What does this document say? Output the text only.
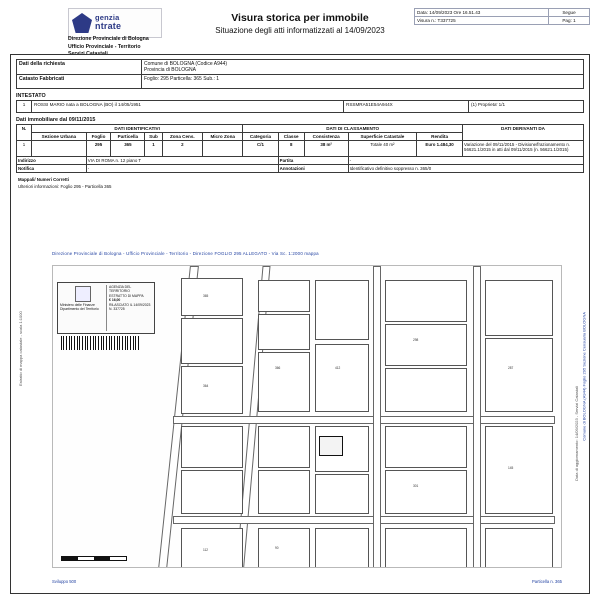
genzia
ntrate
Visura storica per immobile
Situazione degli atti informatizzati al 14/09/2023
Data: 14/09/2023 Ore 16.51.43	Segue
Visura n.: T337725	Pag: 1
Direzione Provinciale di Bologna
Ufficio Provinciale - Territorio
Servizi Catastali
Dati della richiesta	Comune di BOLOGNA (Codice A944)
Provincia di BOLOGNA
Catasto Fabbricati	Foglio: 295 Particella: 365 Sub.: 1
INTESTATO
1	ROSSI MARIO nata a BOLOGNA (BO) il 14/05/1951	RSSMRA51E54A944X	(1) Proprieta' 1/1
Dati immobiliare dal 09/11/2015
N.	DATI IDENTIFICATIVI						DATI DI CLASSAMENTO					DATI DERIVANTI DA
	Sezione Urbana	Foglio	Particella	Sub	Zona Cens.	Micro Zona	Categoria	Classe	Consistenza	Superficie Catastale	Rendita	
1		295	365	1	2		C/1	8	38 m²	Totale 40 m²	Euro 1.484,30	Variazione del 09/11/2015 - Divisione/frazionamento n. 56621.1/2015 in atti dal 09/11/2015 (n. 56621.1/2015)
Indirizzo		VIA DI ROMA n. 12 piano T						Partita		-		
Notifica		-						Annotazioni		Identificativo definitivo soppresso n. 365/0		
Mappali/ Numeri Corretti
Ulteriori informazioni: Foglio 295 - Particella 365
Direzione Provinciale di Bologna - Ufficio Provinciale - Territorio - Direzione FOGLIO 295 ALLEGATO - Via Sc. 1:2000 mappa
Estratto di mappa catastale - scala 1:1000	Comune di BOLOGNA (A944) Foglio 295 Sezione Censuaria BOLOGNA
Data di aggiornamento: 14/09/2023 - Servizi Catastali
Ministero delle Finanze
Dipartimento del Territorio
AGENZIA DEL TERRITORIO
ESTRATTO DI MAPPA
€ 16,00
RILASCIATO IL 14/09/2023
N. 337725
365
364
366	412
298
301
287
145
90
112
Sviluppo 500	Particella n. 365
